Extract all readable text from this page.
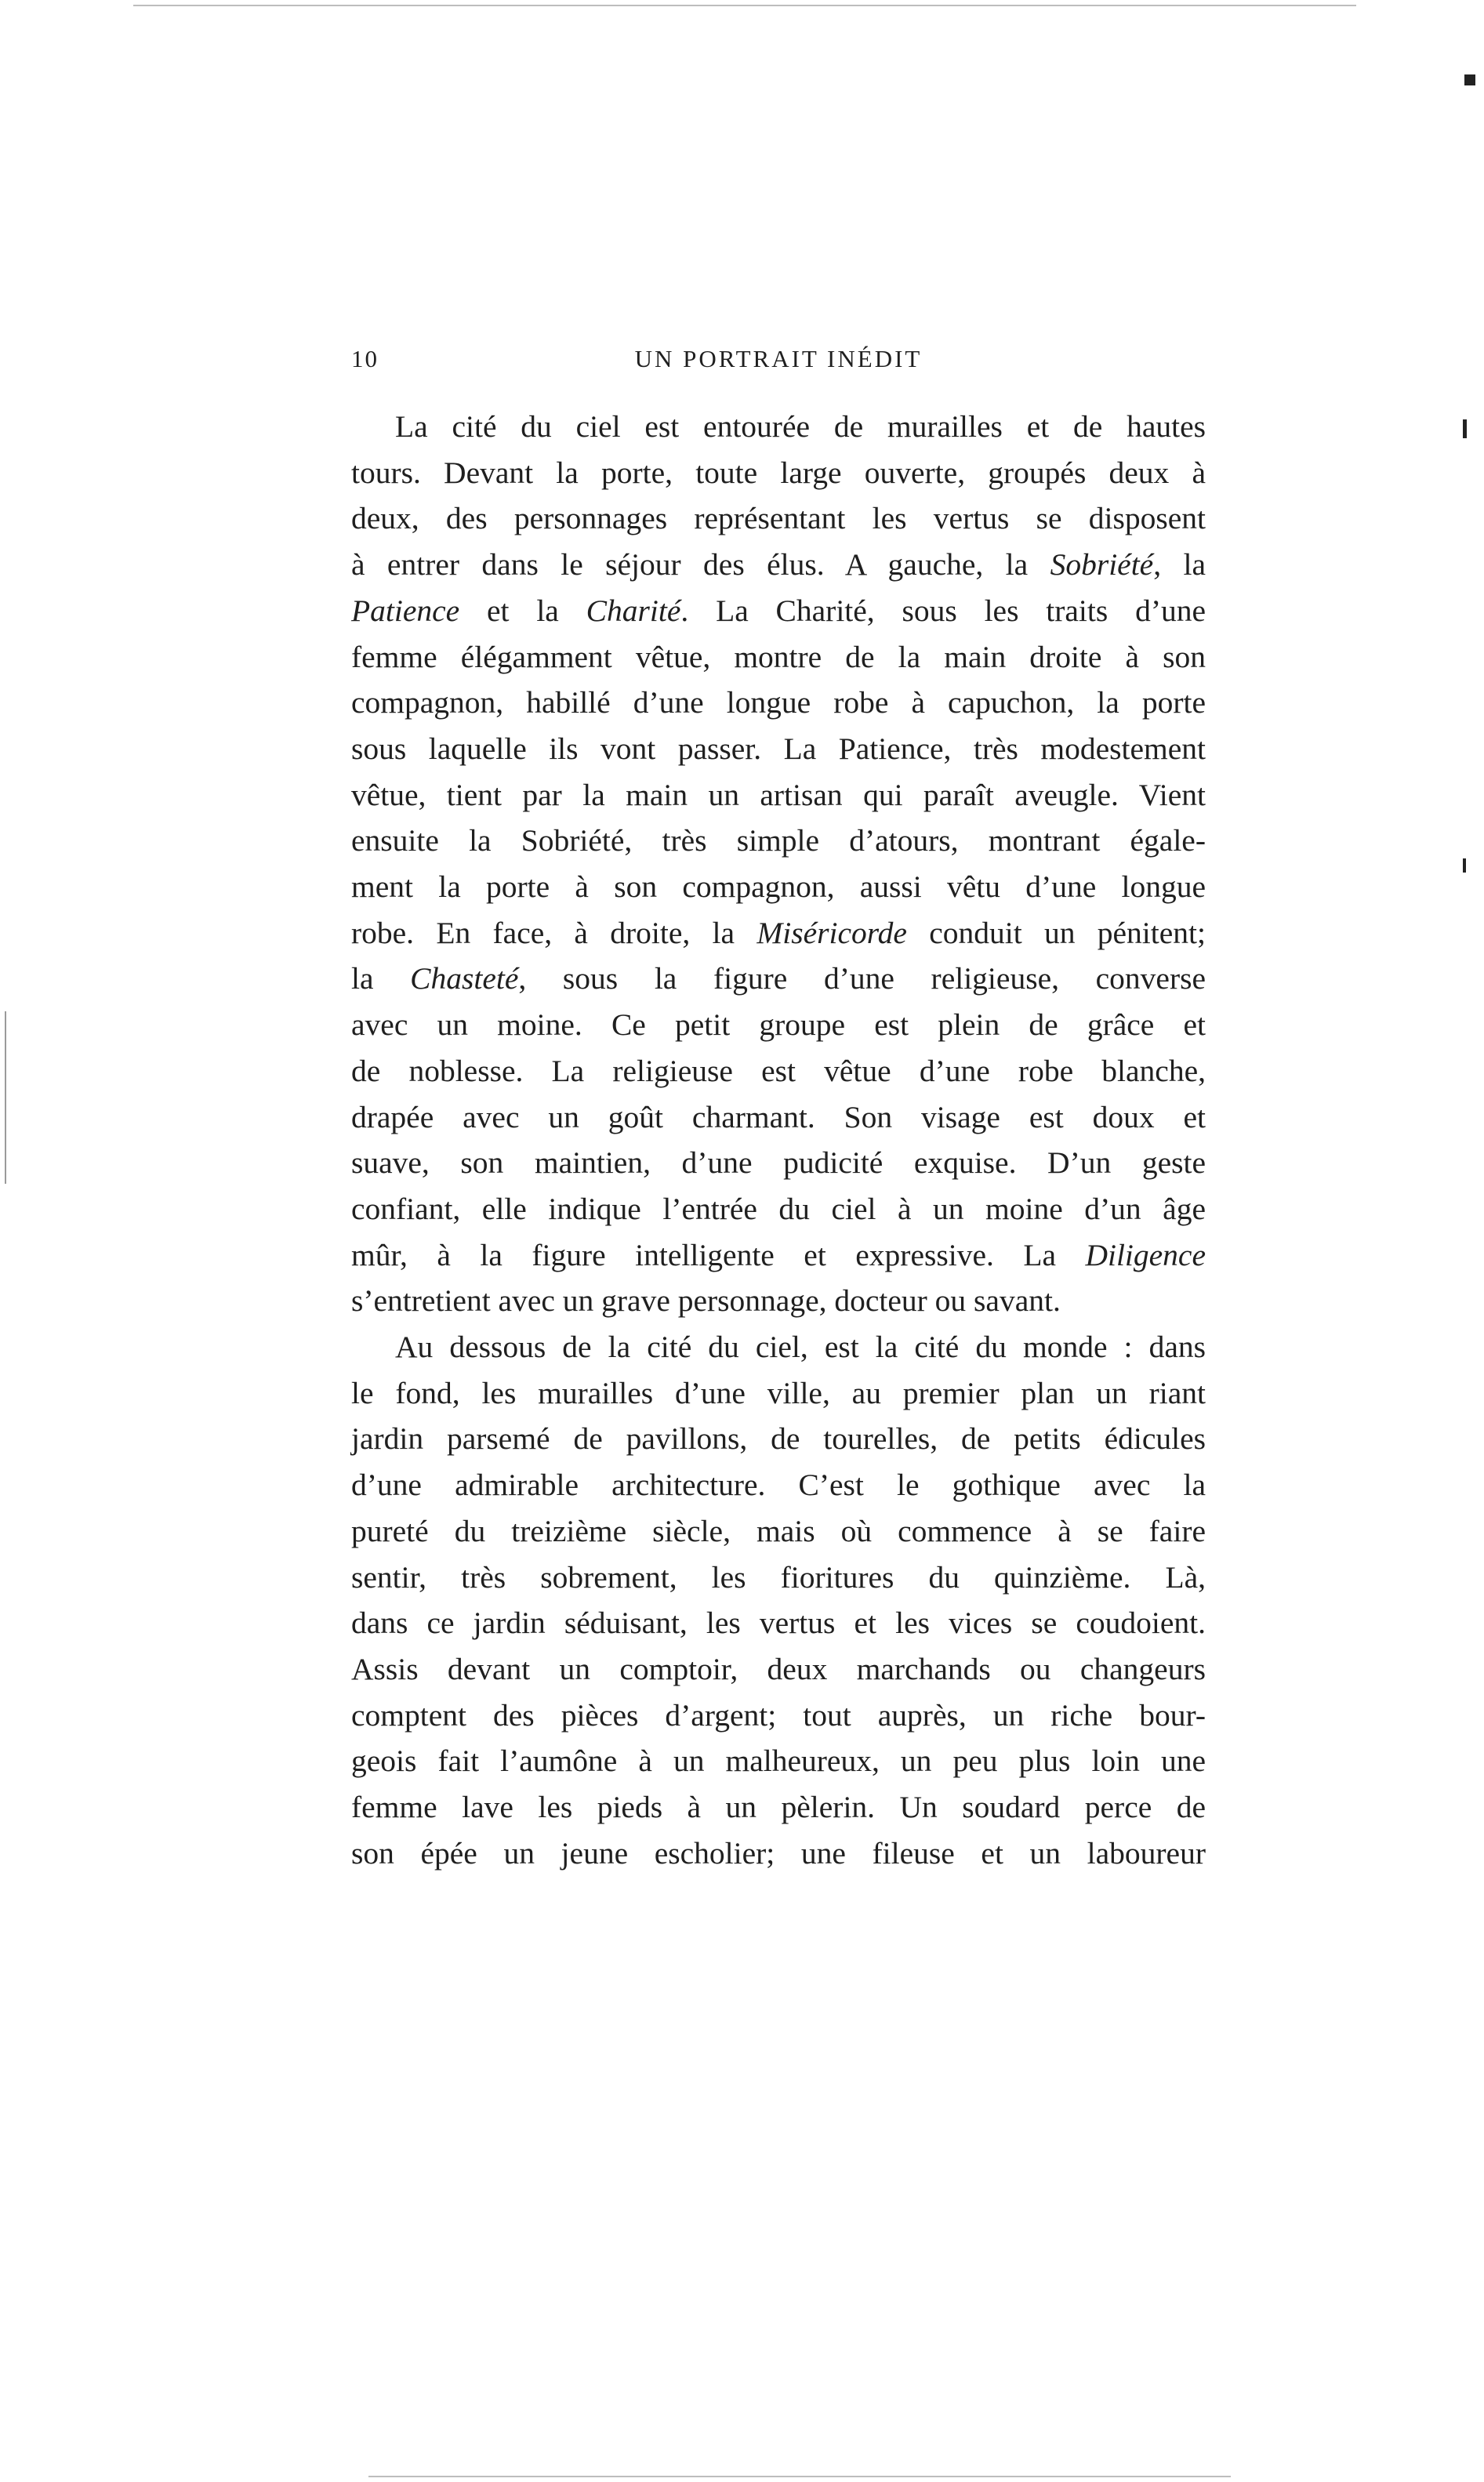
10	UN PORTRAIT INÉDIT
La cité du ciel est entourée de murailles et de hautes
tours. Devant la porte, toute large ouverte, groupés deux à
deux, des personnages représentant les vertus se disposent
à entrer dans le séjour des élus. A gauche, la Sobriété, la
Patience et la Charité. La Charité, sous les traits d’une
femme élégamment vêtue, montre de la main droite à son
compagnon, habillé d’une longue robe à capuchon, la porte
sous laquelle ils vont passer. La Patience, très modestement
vêtue, tient par la main un artisan qui paraît aveugle. Vient
ensuite la Sobriété, très simple d’atours, montrant égale-
ment la porte à son compagnon, aussi vêtu d’une longue
robe. En face, à droite, la Miséricorde conduit un pénitent;
la Chasteté, sous la figure d’une religieuse, converse
avec un moine. Ce petit groupe est plein de grâce et
de noblesse. La religieuse est vêtue d’une robe blanche,
drapée avec un goût charmant. Son visage est doux et
suave, son maintien, d’une pudicité exquise. D’un geste
confiant, elle indique l’entrée du ciel à un moine d’un âge
mûr, à la figure intelligente et expressive. La Diligence
s’entretient avec un grave personnage, docteur ou savant.
Au dessous de la cité du ciel, est la cité du monde : dans
le fond, les murailles d’une ville, au premier plan un riant
jardin parsemé de pavillons, de tourelles, de petits édicules
d’une admirable architecture. C’est le gothique avec la
pureté du treizième siècle, mais où commence à se faire
sentir, très sobrement, les fioritures du quinzième. Là,
dans ce jardin séduisant, les vertus et les vices se coudoient.
Assis devant un comptoir, deux marchands ou changeurs
comptent des pièces d’argent; tout auprès, un riche bour-
geois fait l’aumône à un malheureux, un peu plus loin une
femme lave les pieds à un pèlerin. Un soudard perce de
son épée un jeune escholier; une fileuse et un laboureur
